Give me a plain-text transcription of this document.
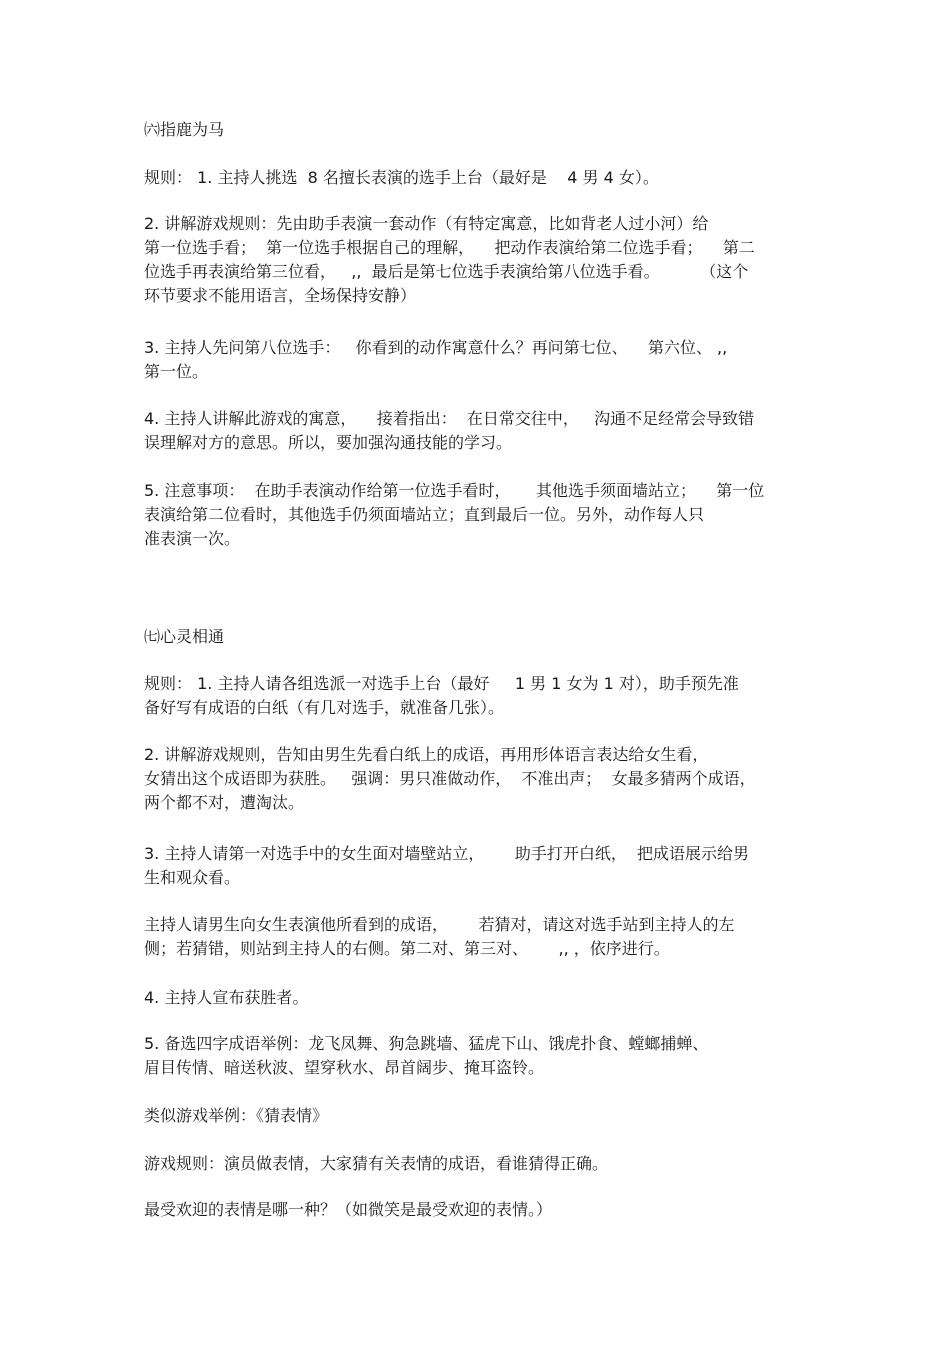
㈥指鹿为马
规则： 1. 主持人挑选  8 名擅长表演的选手上台（最好是    4 男 4 女）。
2. 讲解游戏规则：先由助手表演一套动作（有特定寓意，比如背老人过小河）给
第一位选手看；  第一位选手根据自己的理解，    把动作表演给第二位选手看；    第二
位选手再表演给第三位看，   ,,  最后是第七位选手表演给第八位选手看。        （这个
环节要求不能用语言，全场保持安静）
3. 主持人先问第八位选手：   你看到的动作寓意什么？再问第七位、    第六位、 ,,
第一位。
4. 主持人讲解此游戏的寓意，    接着指出：  在日常交往中，   沟通不足经常会导致错
误理解对方的意思。所以，要加强沟通技能的学习。
5. 注意事项：  在助手表演动作给第一位选手看时，     其他选手须面墙站立；    第一位
表演给第二位看时，其他选手仍须面墙站立；直到最后一位。另外，动作每人只
准表演一次。
㈦心灵相通
规则： 1. 主持人请各组选派一对选手上台（最好     1 男 1 女为 1 对），助手预先准
备好写有成语的白纸（有几对选手，就准备几张）。
2. 讲解游戏规则，告知由男生先看白纸上的成语，再用形体语言表达给女生看，
女猜出这个成语即为获胜。   强调：男只准做动作，  不准出声；  女最多猜两个成语，
两个都不对，遭淘汰。
3. 主持人请第一对选手中的女生面对墙壁站立，      助手打开白纸，  把成语展示给男
生和观众看。
主持人请男生向女生表演他所看到的成语，      若猜对，请这对选手站到主持人的左
侧；若猜错，则站到主持人的右侧。第二对、第三对、      ,, ，依序进行。
4. 主持人宣布获胜者。
5. 备选四字成语举例：龙飞凤舞、狗急跳墙、猛虎下山、饿虎扑食、螳螂捕蝉、
眉目传情、暗送秋波、望穿秋水、昂首阔步、掩耳盗铃。
类似游戏举例：《猜表情》
游戏规则：演员做表情，大家猜有关表情的成语，看谁猜得正确。
最受欢迎的表情是哪一种？（如微笑是最受欢迎的表情。）
